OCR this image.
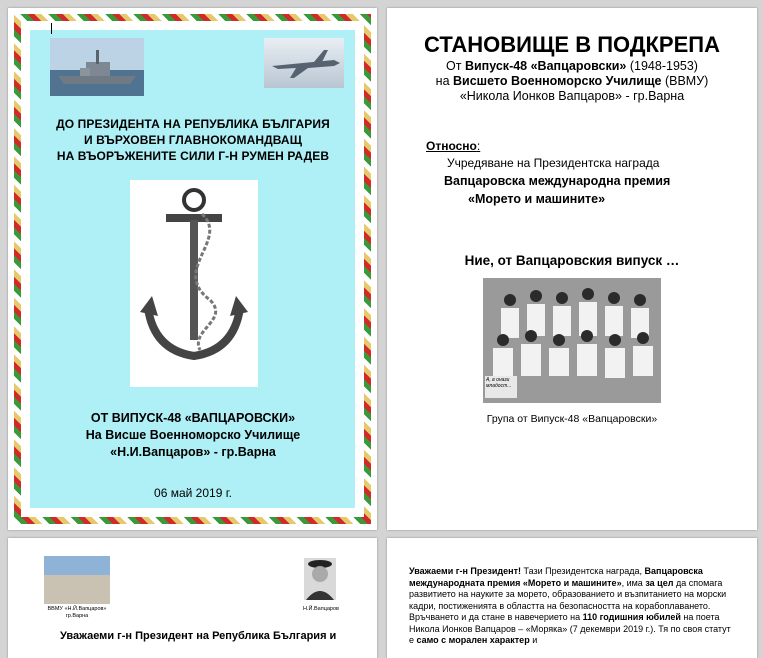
ДО ПРЕЗИДЕНТА НА РЕПУБЛИКА БЪЛГАРИЯ
И ВЪРХОВЕН ГЛАВНОКОМАНДВАЩ
НА ВЪОРЪЖЕНИТЕ СИЛИ Г-Н РУМЕН РАДЕВ
ОТ ВИПУСК-48 «ВАПЦАРОВСКИ»
На Висше Военноморско Училище
«Н.И.Вапцаров» - гр.Варна
06 май 2019 г.
СТАНОВИЩЕ В ПОДКРЕПА
От Випуск-48 «Вапцаровски» (1948-1953)
на Висшето Военноморско Училище (ВВМУ)
«Никола Ионков Вапцаров» - гр.Варна
Относно:
Учредяване на Президентска награда
Вапцаровска международна премия
«Морето и машините»
Ние, от Вапцаровския випуск …
А, в онази младост...
Група от Випуск-48 «Вапцаровски»
ВВМУ «Н.Й.Вапцаров»
гр.Варна
Н.Й.Вапцаров
Уважаеми г-н Президент на Република България и
Уважаеми г-н Президент! Тази Президентска награда, Вапцаровска международната премия «Морето и машините», има за цел да спомага развитието на науките за морето, образованието и възпитанието на морски кадри, постиженията в областта на безопасността на корабоплаването. Връчването и да стане в навечерието на 110 годишния юбилей на поета Никола Ионков Вапцаров – «Моряка» (7 декември 2019 г.). Тя по своя статут е само с морален характер и
